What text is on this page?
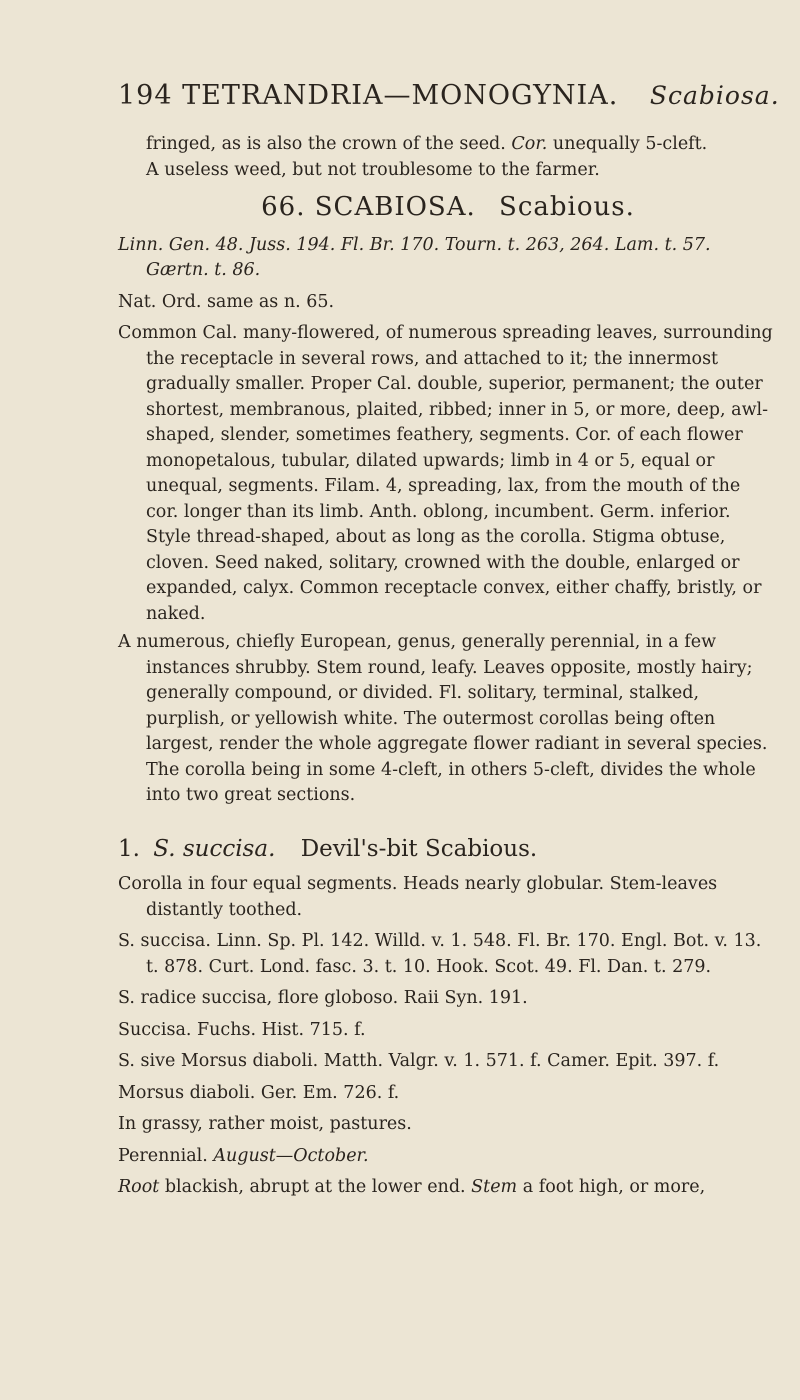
194 TETRANDRIA—MONOGYNIA. Scabiosa.
fringed, as is also the crown of the seed. Cor. unequally 5-cleft.
A useless weed, but not troublesome to the farmer.
66. SCABIOSA. Scabious.
Linn. Gen. 48. Juss. 194. Fl. Br. 170. Tourn. t. 263, 264. Lam. t. 57. Gærtn. t. 86.
Nat. Ord. same as n. 65.
Common Cal. many-flowered, of numerous spreading leaves, surrounding the receptacle in several rows, and attached to it; the innermost gradually smaller. Proper Cal. double, superior, permanent; the outer shortest, membranous, plaited, ribbed; inner in 5, or more, deep, awl-shaped, slender, sometimes feathery, segments. Cor. of each flower monopetalous, tubular, dilated upwards; limb in 4 or 5, equal or unequal, segments. Filam. 4, spreading, lax, from the mouth of the cor. longer than its limb. Anth. oblong, incumbent. Germ. inferior. Style thread-shaped, about as long as the corolla. Stigma obtuse, cloven. Seed naked, solitary, crowned with the double, enlarged or expanded, calyx. Common receptacle convex, either chaffy, bristly, or naked.
A numerous, chiefly European, genus, generally perennial, in a few instances shrubby. Stem round, leafy. Leaves opposite, mostly hairy; generally compound, or divided. Fl. solitary, terminal, stalked, purplish, or yellowish white. The outermost corollas being often largest, render the whole aggregate flower radiant in several species. The corolla being in some 4-cleft, in others 5-cleft, divides the whole into two great sections.
1. S. succisa. Devil's-bit Scabious.
Corolla in four equal segments. Heads nearly globular. Stem-leaves distantly toothed.
S. succisa. Linn. Sp. Pl. 142. Willd. v. 1. 548. Fl. Br. 170. Engl. Bot. v. 13. t. 878. Curt. Lond. fasc. 3. t. 10. Hook. Scot. 49. Fl. Dan. t. 279.
S. radice succisa, flore globoso. Raii Syn. 191.
Succisa. Fuchs. Hist. 715. f.
S. sive Morsus diaboli. Matth. Valgr. v. 1. 571. f. Camer. Epit. 397. f.
Morsus diaboli. Ger. Em. 726. f.
In grassy, rather moist, pastures.
Perennial. August—October.
Root blackish, abrupt at the lower end. Stem a foot high, or more,
